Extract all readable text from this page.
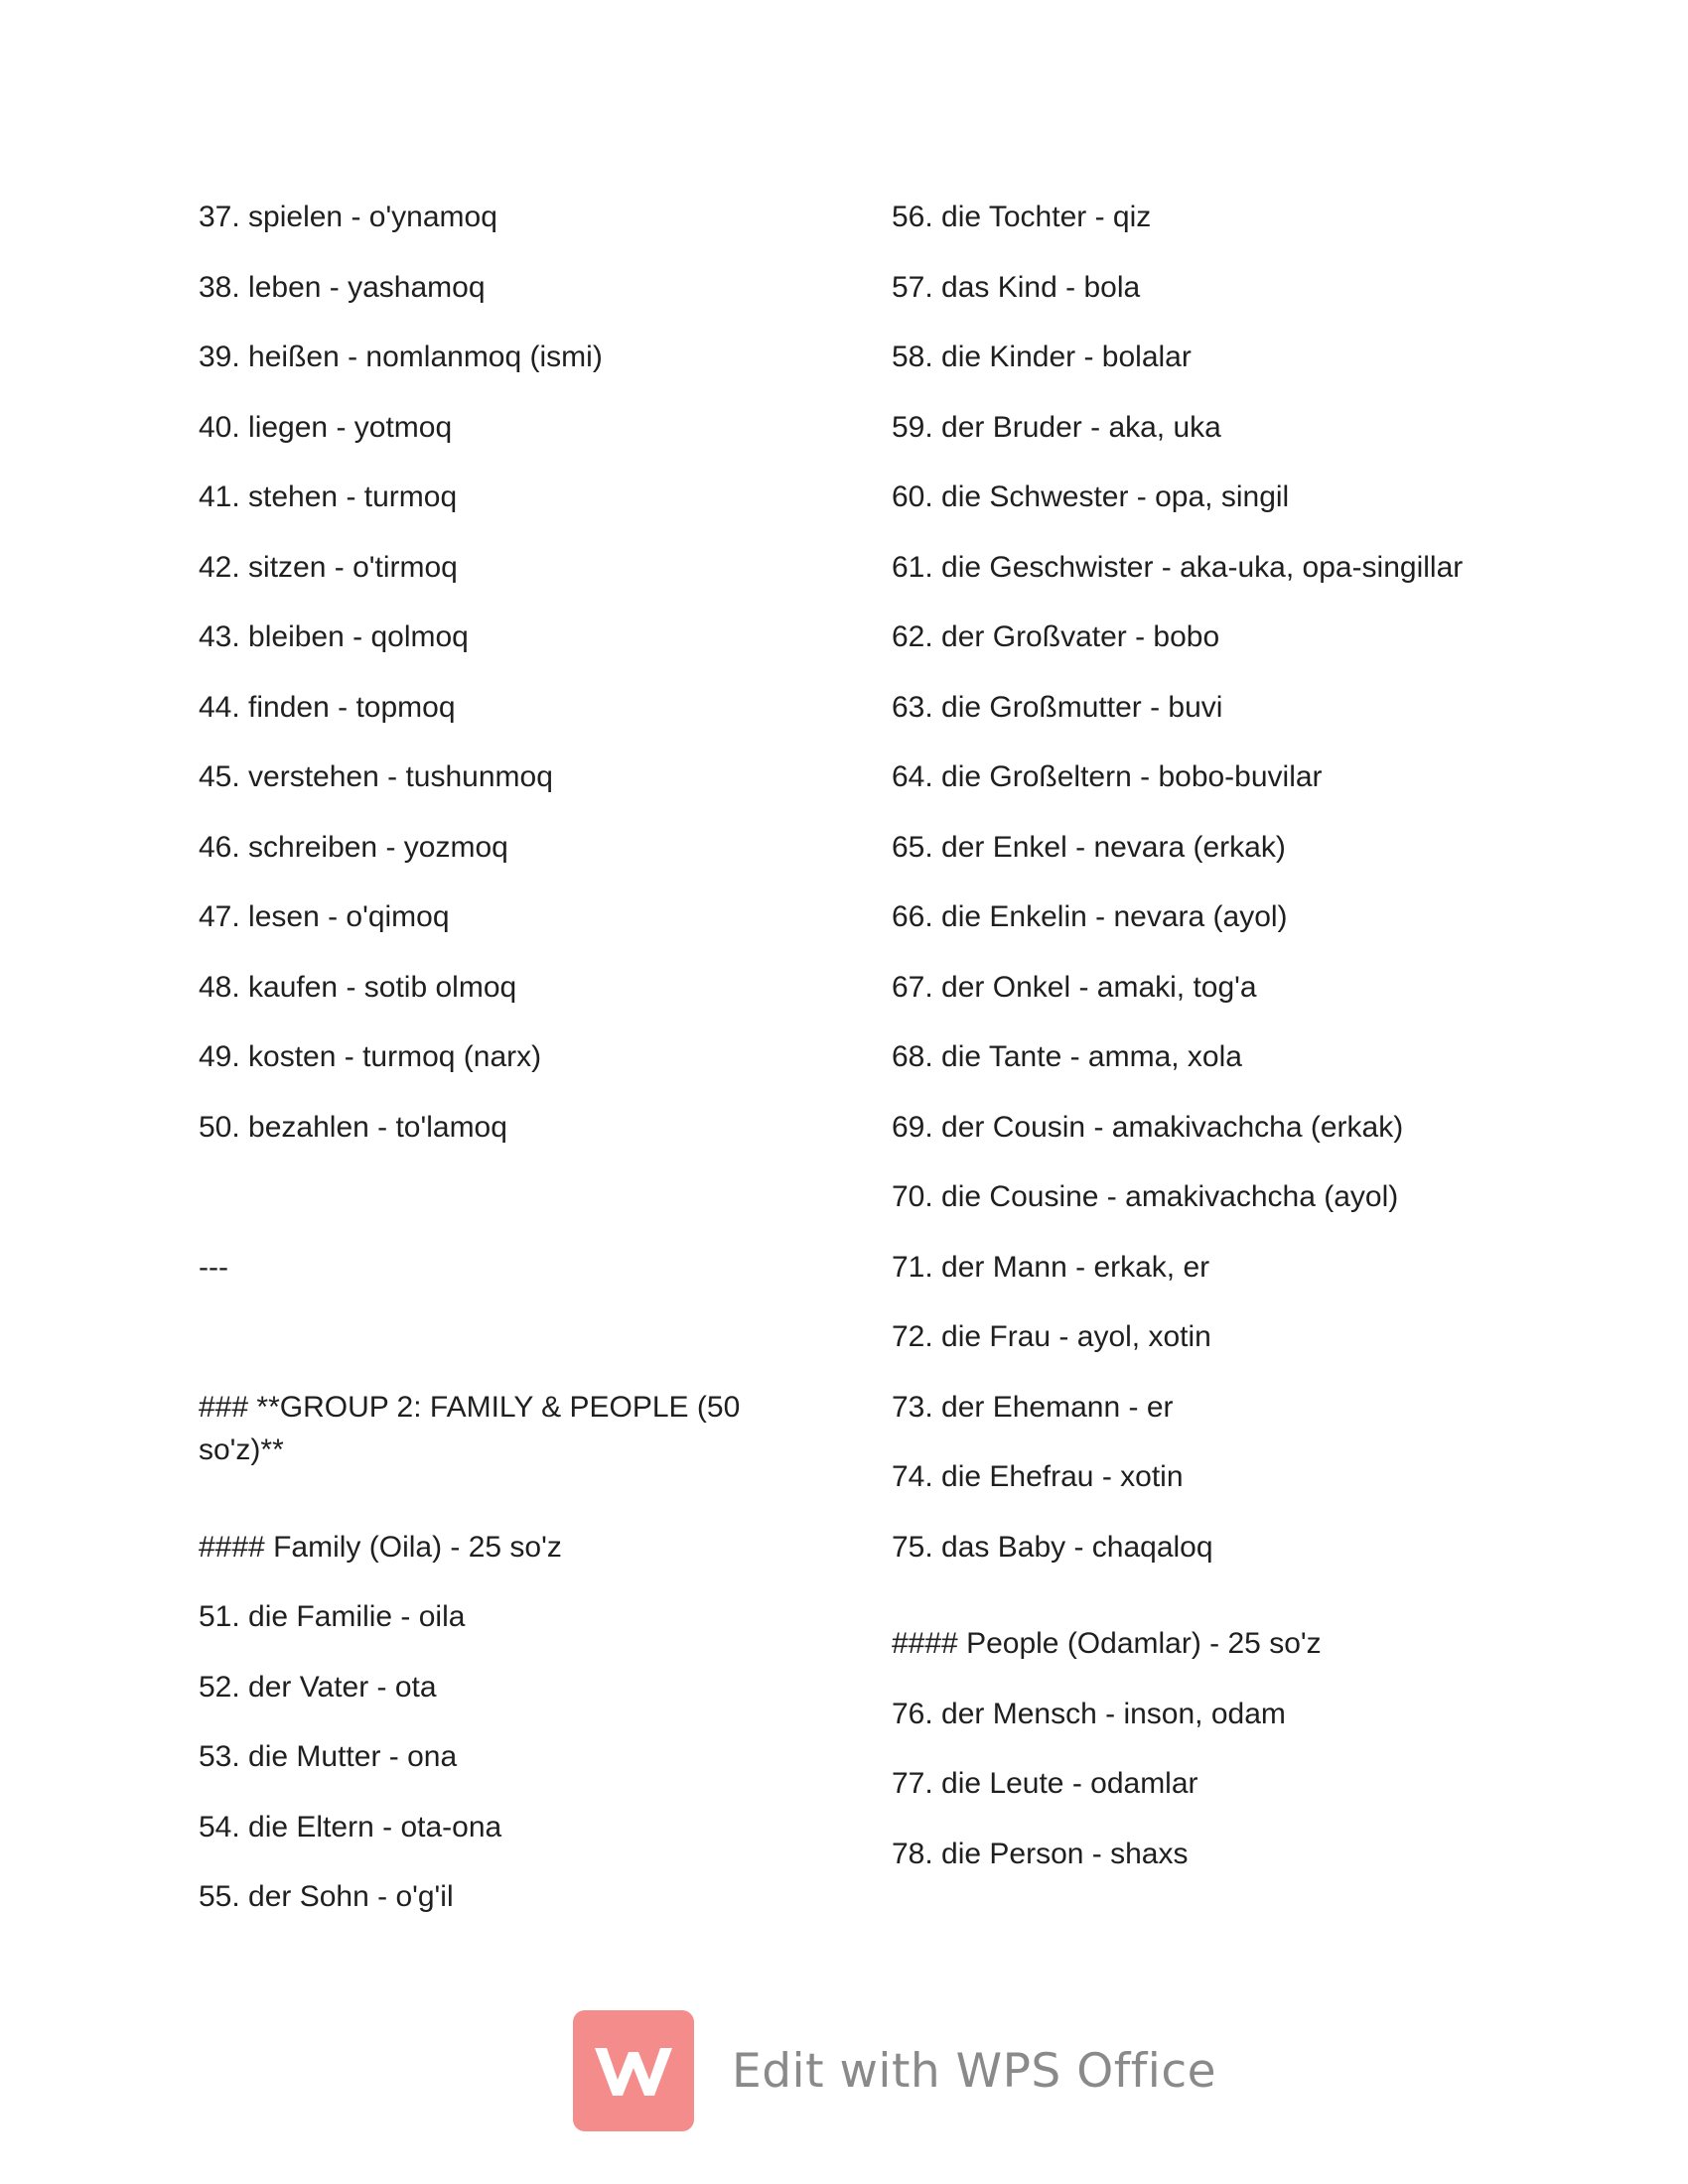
37. spielen - o'ynamoq
38. leben - yashamoq
39. heißen - nomlanmoq (ismi)
40. liegen - yotmoq
41. stehen - turmoq
42. sitzen - o'tirmoq
43. bleiben - qolmoq
44. finden - topmoq
45. verstehen - tushunmoq
46. schreiben - yozmoq
47. lesen - o'qimoq
48. kaufen - sotib olmoq
49. kosten - turmoq (narx)
50. bezahlen - to'lamoq
---
### **GROUP 2: FAMILY & PEOPLE (50 so'z)**
#### Family (Oila) - 25 so'z
51. die Familie - oila
52. der Vater - ota
53. die Mutter - ona
54. die Eltern - ota-ona
55. der Sohn - o'g'il
56. die Tochter - qiz
57. das Kind - bola
58. die Kinder - bolalar
59. der Bruder - aka, uka
60. die Schwester - opa, singil
61. die Geschwister - aka-uka, opa-singillar
62. der Großvater - bobo
63. die Großmutter - buvi
64. die Großeltern - bobo-buvilar
65. der Enkel - nevara (erkak)
66. die Enkelin - nevara (ayol)
67. der Onkel - amaki, tog'a
68. die Tante - amma, xola
69. der Cousin - amakivachcha (erkak)
70. die Cousine - amakivachcha (ayol)
71. der Mann - erkak, er
72. die Frau - ayol, xotin
73. der Ehemann - er
74. die Ehefrau - xotin
75. das Baby - chaqaloq
#### People (Odamlar) - 25 so'z
76. der Mensch - inson, odam
77. die Leute - odamlar
78. die Person - shaxs
Edit with WPS Office
